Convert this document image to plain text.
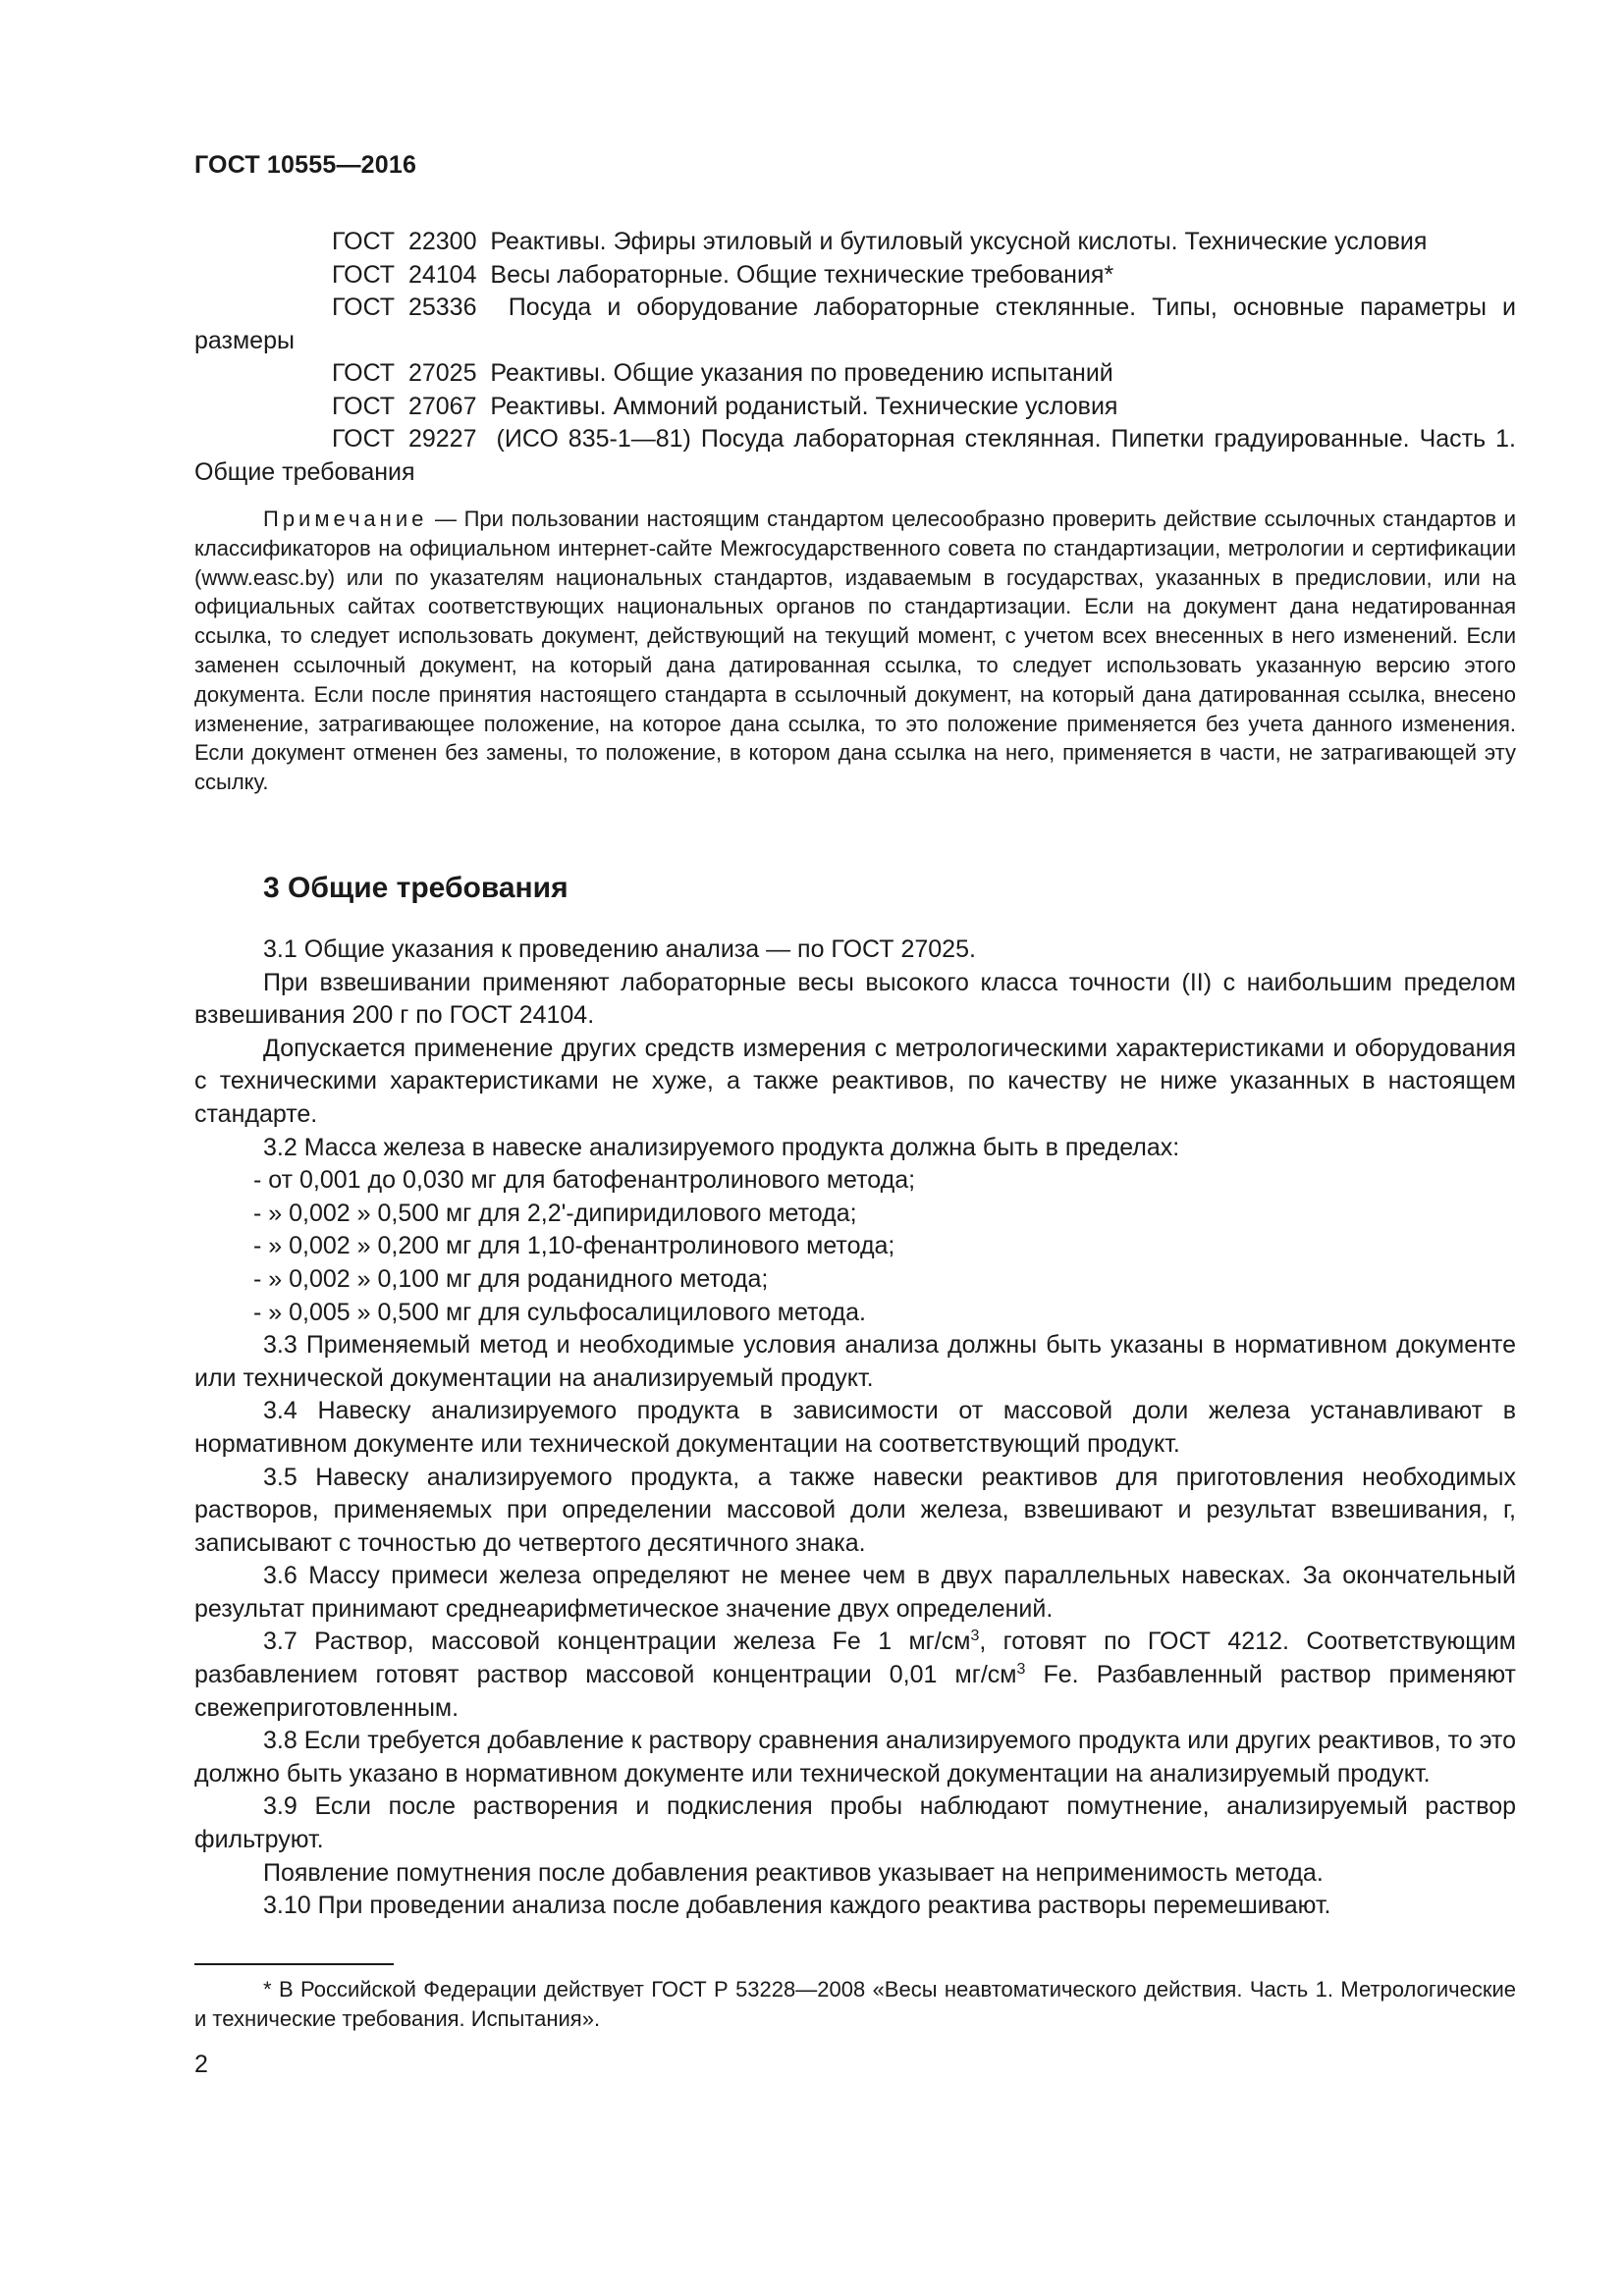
ГОСТ 10555—2016

ГОСТ  22300 Реактивы. Эфиры этиловый и бутиловый уксусной кислоты. Технические условия

ГОСТ  24104 Весы лабораторные. Общие технические требования*

ГОСТ  25336 Посуда и оборудование лабораторные стеклянные. Типы, основные параметры и размеры

ГОСТ  27025 Реактивы. Общие указания по проведению испытаний

ГОСТ  27067 Реактивы. Аммоний роданистый. Технические условия

ГОСТ  29227 (ИСО 835-1—81) Посуда лабораторная стеклянная. Пипетки градуированные. Часть 1. Общие требования

Примечание — При пользовании настоящим стандартом целесообразно проверить действие ссылочных стандартов и классификаторов на официальном интернет-сайте Межгосударственного совета по стандартизации, метрологии и сертификации (www.easc.by) или по указателям национальных стандартов, издаваемым в государствах, указанных в предисловии, или на официальных сайтах соответствующих национальных органов по стандартизации. Если на документ дана недатированная ссылка, то следует использовать документ, действующий на текущий момент, с учетом всех внесенных в него изменений. Если заменен ссылочный документ, на который дана датированная ссылка, то следует использовать указанную версию этого документа. Если после принятия настоящего стандарта в ссылочный документ, на который дана датированная ссылка, внесено изменение, затрагивающее положение, на которое дана ссылка, то это положение применяется без учета данного изменения. Если документ отменен без замены, то положение, в котором дана ссылка на него, применяется в части, не затрагивающей эту ссылку.

3 Общие требования

3.1 Общие указания к проведению анализа — по ГОСТ 27025.

При взвешивании применяют лабораторные весы высокого класса точности (II) с наибольшим пределом взвешивания 200 г по ГОСТ 24104.

Допускается применение других средств измерения с метрологическими характеристиками и оборудования с техническими характеристиками не хуже, а также реактивов, по качеству не ниже указанных в настоящем стандарте.

3.2 Масса железа в навеске анализируемого продукта должна быть в пределах:

- от 0,001 до 0,030 мг для батофенантролинового метода;

- » 0,002 » 0,500 мг для 2,2'-дипиридилового метода;

- » 0,002 » 0,200 мг для 1,10-фенантролинового метода;

- » 0,002 » 0,100 мг для роданидного метода;

- » 0,005 » 0,500 мг для сульфосалицилового метода.

3.3 Применяемый метод и необходимые условия анализа должны быть указаны в нормативном документе или технической документации на анализируемый продукт.

3.4 Навеску анализируемого продукта в зависимости от массовой доли железа устанавливают в нормативном документе или технической документации на соответствующий продукт.

3.5 Навеску анализируемого продукта, а также навески реактивов для приготовления необходимых растворов, применяемых при определении массовой доли железа, взвешивают и результат взвешивания, г, записывают с точностью до четвертого десятичного знака.

3.6 Массу примеси железа определяют не менее чем в двух параллельных навесках. За окончательный результат принимают среднеарифметическое значение двух определений.

3.7 Раствор, массовой концентрации железа Fe 1 $мг/см^3$, готовят по ГОСТ 4212. Соответствующим разбавлением готовят раствор массовой концентрации 0,01 $мг/см^3$ Fe. Разбавленный раствор применяют свежеприготовленным.

3.8 Если требуется добавление к раствору сравнения анализируемого продукта или других реактивов, то это должно быть указано в нормативном документе или технической документации на анализируемый продукт.

3.9 Если после растворения и подкисления пробы наблюдают помутнение, анализируемый раствор фильтруют.

Появление помутнения после добавления реактивов указывает на неприменимость метода.

3.10 При проведении анализа после добавления каждого реактива растворы перемешивают.

* В Российской Федерации действует ГОСТ Р 53228—2008 «Весы неавтоматического действия. Часть 1. Метрологические и технические требования. Испытания».

2
